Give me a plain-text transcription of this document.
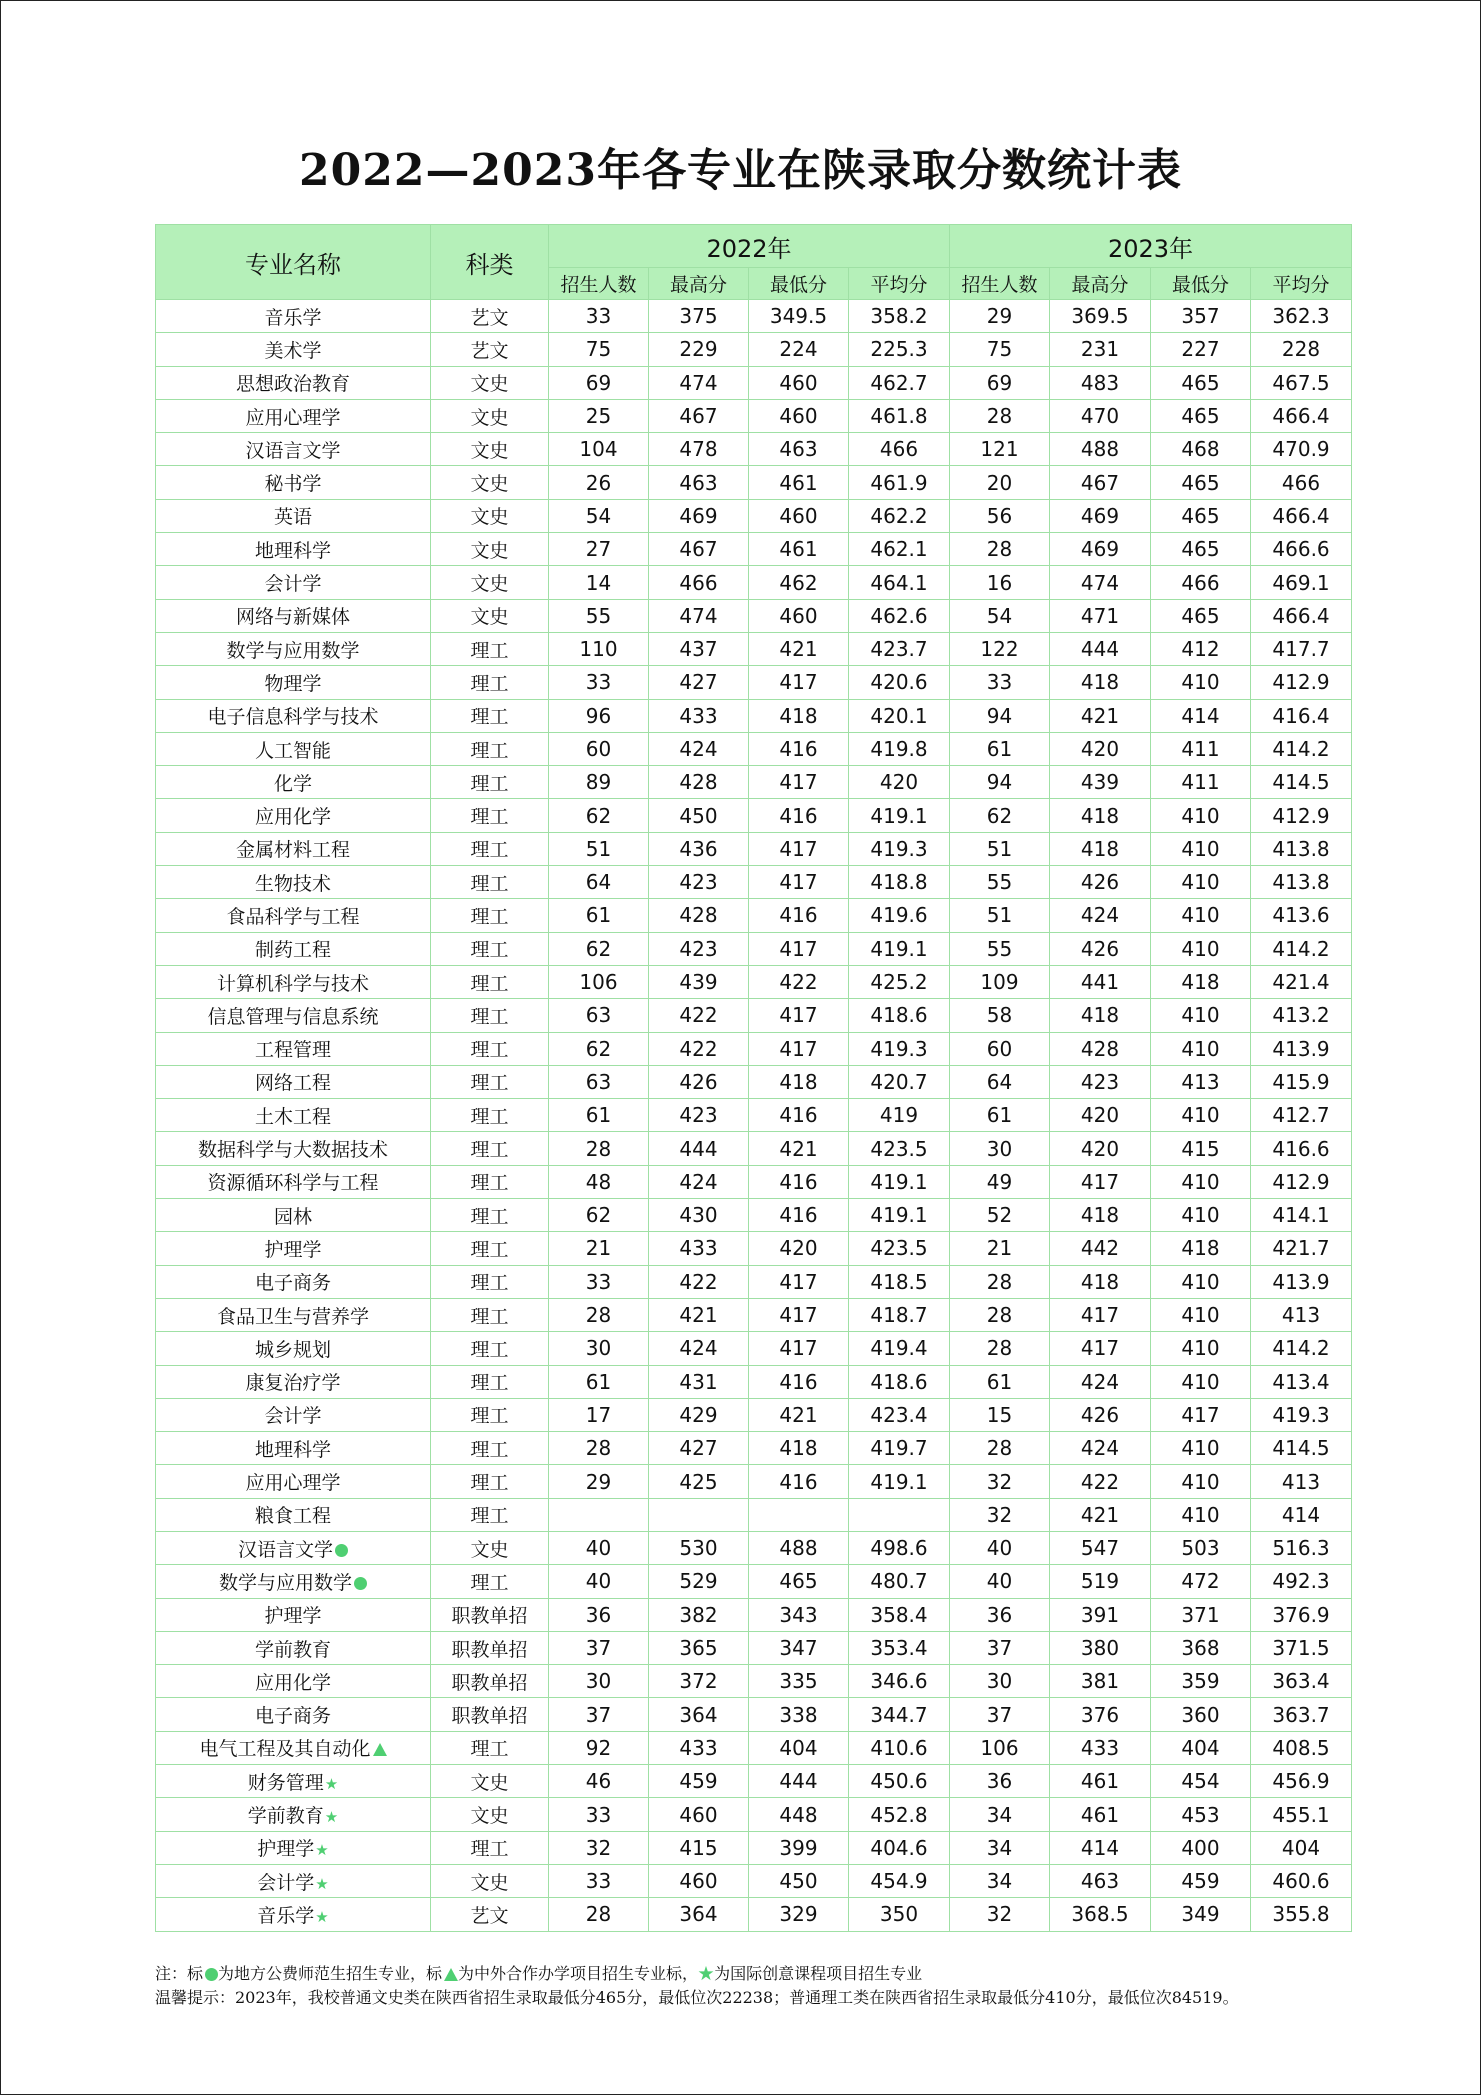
2022—2023年各专业在陕录取分数统计表
专业名称	科类	2022年				2023年			
		招生人数	最高分	最低分	平均分	招生人数	最高分	最低分	平均分
音乐学	艺文	33	375	349.5	358.2	29	369.5	357	362.3
美术学	艺文	75	229	224	225.3	75	231	227	228
思想政治教育	文史	69	474	460	462.7	69	483	465	467.5
应用心理学	文史	25	467	460	461.8	28	470	465	466.4
汉语言文学	文史	104	478	463	466	121	488	468	470.9
秘书学	文史	26	463	461	461.9	20	467	465	466
英语	文史	54	469	460	462.2	56	469	465	466.4
地理科学	文史	27	467	461	462.1	28	469	465	466.6
会计学	文史	14	466	462	464.1	16	474	466	469.1
网络与新媒体	文史	55	474	460	462.6	54	471	465	466.4
数学与应用数学	理工	110	437	421	423.7	122	444	412	417.7
物理学	理工	33	427	417	420.6	33	418	410	412.9
电子信息科学与技术	理工	96	433	418	420.1	94	421	414	416.4
人工智能	理工	60	424	416	419.8	61	420	411	414.2
化学	理工	89	428	417	420	94	439	411	414.5
应用化学	理工	62	450	416	419.1	62	418	410	412.9
金属材料工程	理工	51	436	417	419.3	51	418	410	413.8
生物技术	理工	64	423	417	418.8	55	426	410	413.8
食品科学与工程	理工	61	428	416	419.6	51	424	410	413.6
制药工程	理工	62	423	417	419.1	55	426	410	414.2
计算机科学与技术	理工	106	439	422	425.2	109	441	418	421.4
信息管理与信息系统	理工	63	422	417	418.6	58	418	410	413.2
工程管理	理工	62	422	417	419.3	60	428	410	413.9
网络工程	理工	63	426	418	420.7	64	423	413	415.9
土木工程	理工	61	423	416	419	61	420	410	412.7
数据科学与大数据技术	理工	28	444	421	423.5	30	420	415	416.6
资源循环科学与工程	理工	48	424	416	419.1	49	417	410	412.9
园林	理工	62	430	416	419.1	52	418	410	414.1
护理学	理工	21	433	420	423.5	21	442	418	421.7
电子商务	理工	33	422	417	418.5	28	418	410	413.9
食品卫生与营养学	理工	28	421	417	418.7	28	417	410	413
城乡规划	理工	30	424	417	419.4	28	417	410	414.2
康复治疗学	理工	61	431	416	418.6	61	424	410	413.4
会计学	理工	17	429	421	423.4	15	426	417	419.3
地理科学	理工	28	427	418	419.7	28	424	410	414.5
应用心理学	理工	29	425	416	419.1	32	422	410	413
粮食工程	理工					32	421	410	414
汉语言文学	文史	40	530	488	498.6	40	547	503	516.3
数学与应用数学	理工	40	529	465	480.7	40	519	472	492.3
护理学	职教单招	36	382	343	358.4	36	391	371	376.9
学前教育	职教单招	37	365	347	353.4	37	380	368	371.5
应用化学	职教单招	30	372	335	346.6	30	381	359	363.4
电子商务	职教单招	37	364	338	344.7	37	376	360	363.7
电气工程及其自动化	理工	92	433	404	410.6	106	433	404	408.5
财务管理★	文史	46	459	444	450.6	36	461	454	456.9
学前教育★	文史	33	460	448	452.8	34	461	453	455.1
护理学★	理工	32	415	399	404.6	34	414	400	404
会计学★	文史	33	460	450	454.9	34	463	459	460.6
音乐学★	艺文	28	364	329	350	32	368.5	349	355.8
注：标 为地方公费师范生招生专业，标 为中外合作办学项目招生专业标，★为国际创意课程项目招生专业
温馨提示：2023年，我校普通文史类在陕西省招生录取最低分465分，最低位次22238；普通理工类在陕西省招生录取最低分410分，最低位次84519。
